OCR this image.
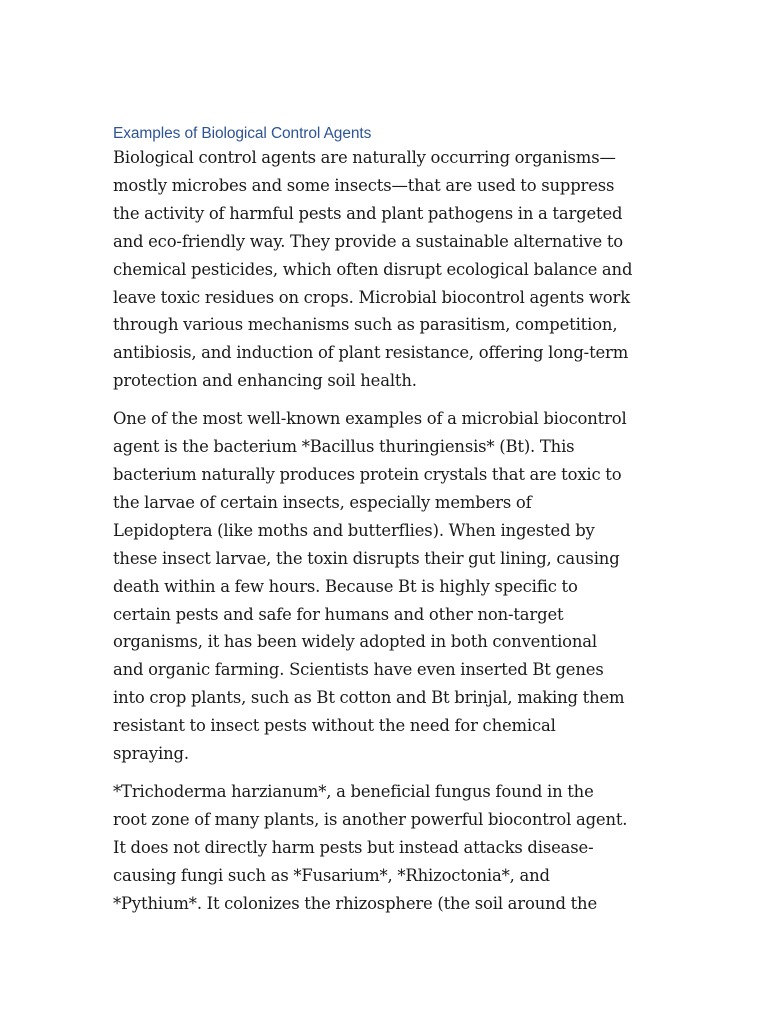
Examples of Biological Control Agents

Biological control agents are naturally occurring organisms—
mostly microbes and some insects—that are used to suppress
the activity of harmful pests and plant pathogens in a targeted
and eco-friendly way. They provide a sustainable alternative to
chemical pesticides, which often disrupt ecological balance and
leave toxic residues on crops. Microbial biocontrol agents work
through various mechanisms such as parasitism, competition,
antibiosis, and induction of plant resistance, offering long-term
protection and enhancing soil health.

One of the most well-known examples of a microbial biocontrol
agent is the bacterium *Bacillus thuringiensis* (Bt). This
bacterium naturally produces protein crystals that are toxic to
the larvae of certain insects, especially members of
Lepidoptera (like moths and butterflies). When ingested by
these insect larvae, the toxin disrupts their gut lining, causing
death within a few hours. Because Bt is highly specific to
certain pests and safe for humans and other non-target
organisms, it has been widely adopted in both conventional
and organic farming. Scientists have even inserted Bt genes
into crop plants, such as Bt cotton and Bt brinjal, making them
resistant to insect pests without the need for chemical
spraying.

*Trichoderma harzianum*, a beneficial fungus found in the
root zone of many plants, is another powerful biocontrol agent.
It does not directly harm pests but instead attacks disease-
causing fungi such as *Fusarium*, *Rhizoctonia*, and
*Pythium*. It colonizes the rhizosphere (the soil around the
